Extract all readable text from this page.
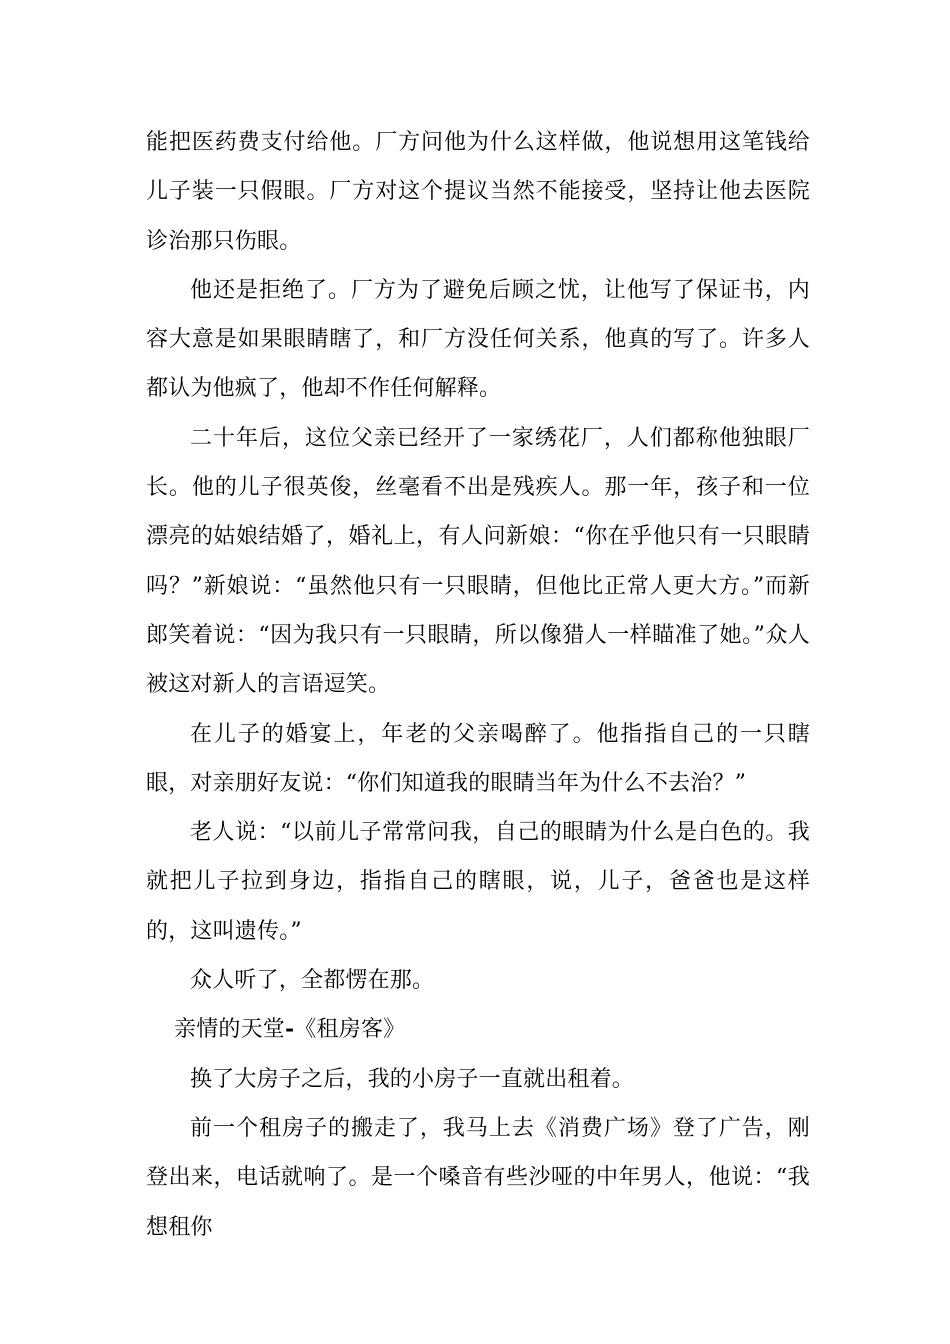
能把医药费支付给他。厂方问他为什么这样做，他说想用这笔钱给儿子装一只假眼。厂方对这个提议当然不能接受，坚持让他去医院诊治那只伤眼。

他还是拒绝了。厂方为了避免后顾之忧，让他写了保证书，内容大意是如果眼睛瞎了，和厂方没任何关系，他真的写了。许多人都认为他疯了，他却不作任何解释。

二十年后，这位父亲已经开了一家绣花厂，人们都称他独眼厂长。他的儿子很英俊，丝毫看不出是残疾人。那一年，孩子和一位漂亮的姑娘结婚了，婚礼上，有人问新娘：“你在乎他只有一只眼睛吗？”新娘说：“虽然他只有一只眼睛，但他比正常人更大方。”而新郎笑着说：“因为我只有一只眼睛，所以像猎人一样瞄准了她。”众人被这对新人的言语逗笑。

在儿子的婚宴上，年老的父亲喝醉了。他指指自己的一只瞎眼，对亲朋好友说：“你们知道我的眼睛当年为什么不去治？”

老人说：“以前儿子常常问我，自己的眼睛为什么是白色的。我就把儿子拉到身边，指指自己的瞎眼，说，儿子，爸爸也是这样的，这叫遗传。”

众人听了，全都愣在那。

亲情的天堂-《租房客》

换了大房子之后，我的小房子一直就出租着。

前一个租房子的搬走了，我马上去《消费广场》登了广告，刚登出来，电话就响了。是一个嗓音有些沙哑的中年男人，他说：“我想租你
